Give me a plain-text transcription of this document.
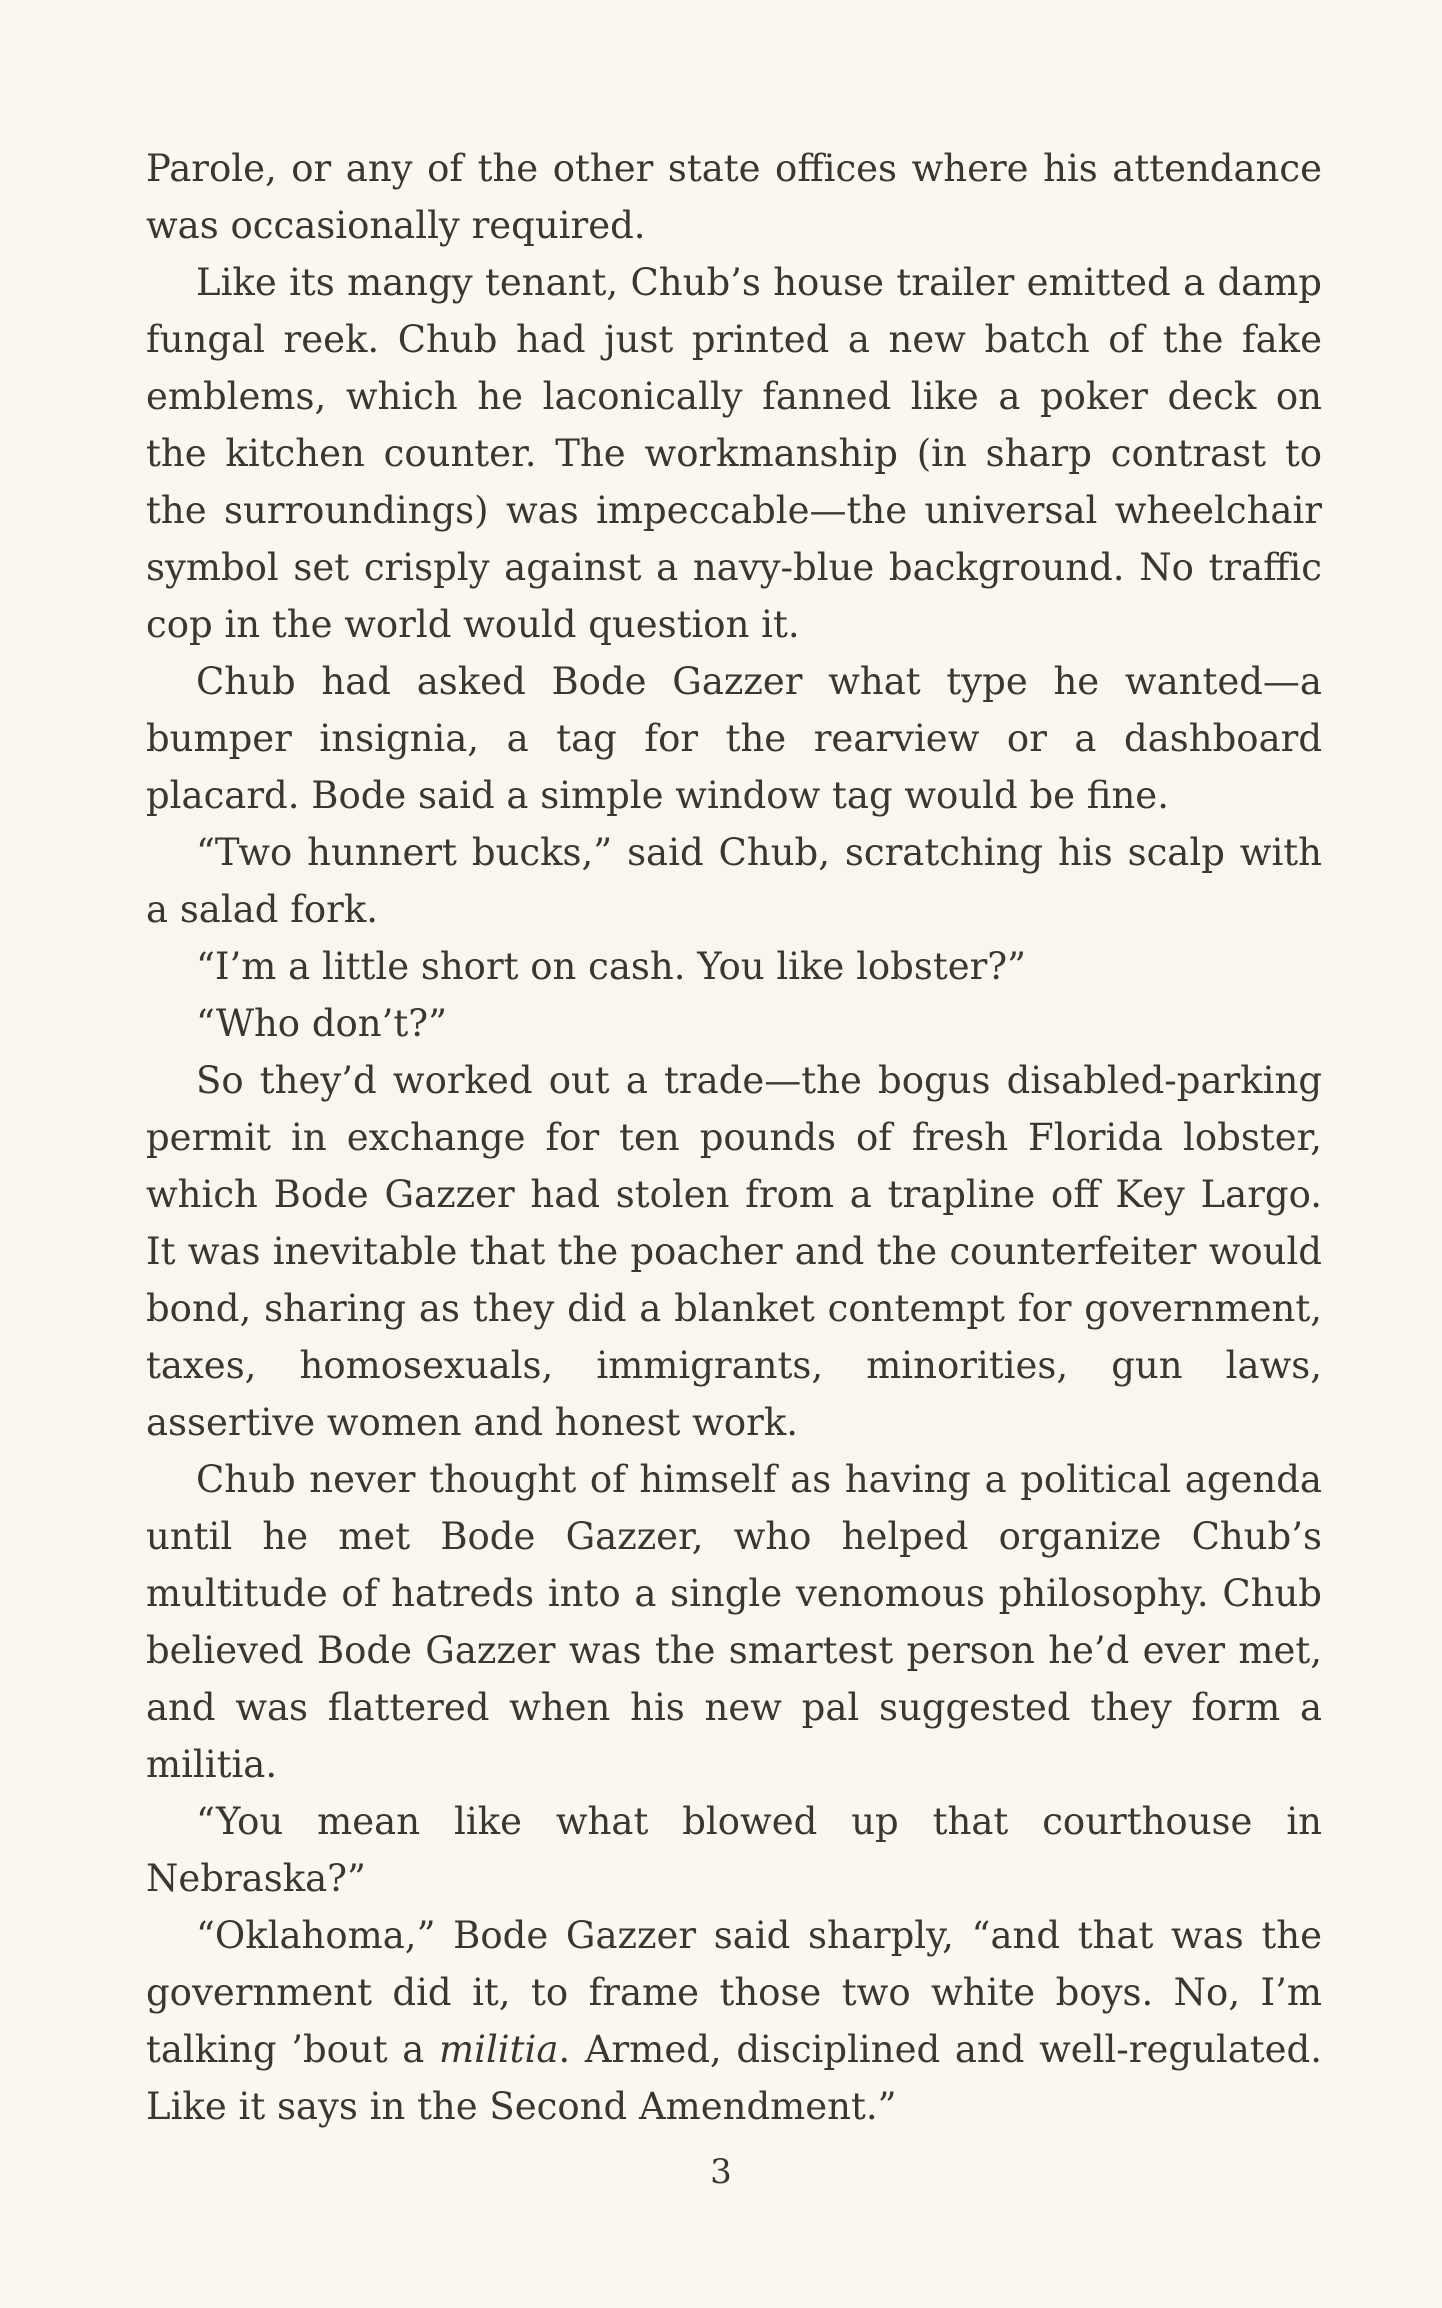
Parole, or any of the other state offices where his attendance was occasionally required.

Like its mangy tenant, Chub’s house trailer emitted a damp fungal reek. Chub had just printed a new batch of the fake emblems, which he laconically fanned like a poker deck on the kitchen counter. The workmanship (in sharp contrast to the surroundings) was impeccable—the universal wheelchair symbol set crisply against a navy-blue background. No traffic cop in the world would question it.

Chub had asked Bode Gazzer what type he wanted—a bumper insignia, a tag for the rearview or a dashboard placard. Bode said a simple window tag would be fine.

“Two hunnert bucks,” said Chub, scratching his scalp with a salad fork.

“I’m a little short on cash. You like lobster?”

“Who don’t?”

So they’d worked out a trade—the bogus disabled-parking permit in exchange for ten pounds of fresh Florida lobster, which Bode Gazzer had stolen from a trapline off Key Largo. It was inevitable that the poacher and the counterfeiter would bond, sharing as they did a blanket contempt for government, taxes, homosexuals, immigrants, minorities, gun laws, assertive women and honest work.

Chub never thought of himself as having a political agenda until he met Bode Gazzer, who helped organize Chub’s multitude of hatreds into a single venomous philosophy. Chub believed Bode Gazzer was the smartest person he’d ever met, and was flattered when his new pal suggested they form a militia.

“You mean like what blowed up that courthouse in Nebraska?”

“Oklahoma,” Bode Gazzer said sharply, “and that was the government did it, to frame those two white boys. No, I’m talking ’bout a militia. Armed, disciplined and well-regulated. Like it says in the Second Amendment.”

3
